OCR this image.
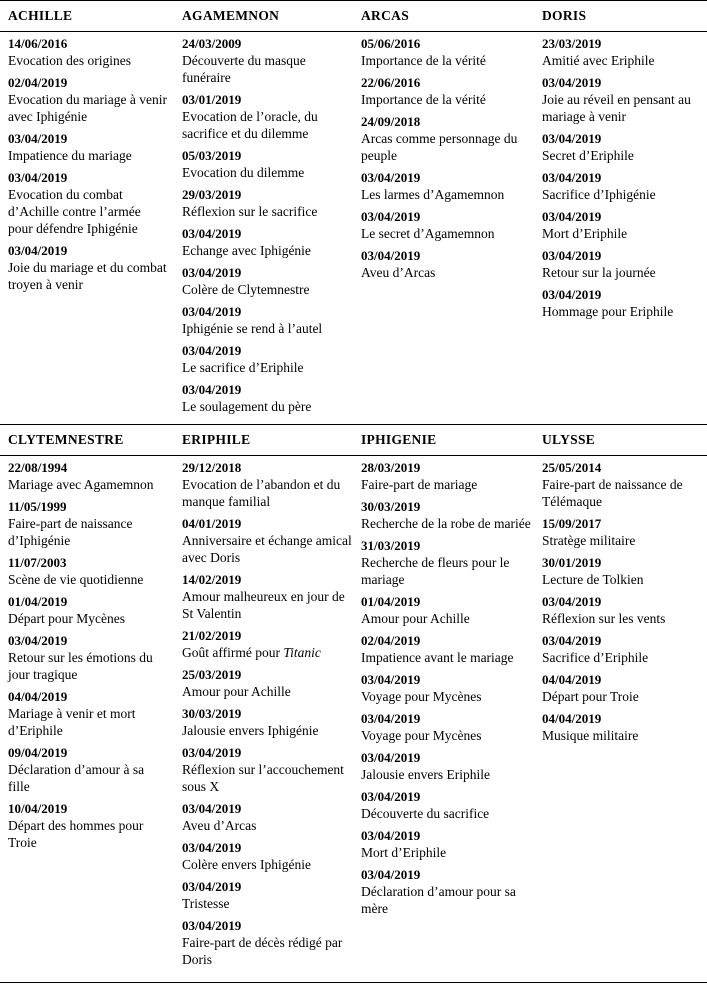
ACHILLE
14/06/2016
Evocation des origines
02/04/2019
Evocation du mariage à venir avec Iphigénie
03/04/2019
Impatience du mariage
03/04/2019
Evocation du combat d’Achille contre l’armée pour défendre Iphigénie
03/04/2019
Joie du mariage et du combat troyen à venir
AGAMEMNON
24/03/2009
Découverte du masque funéraire
03/01/2019
Evocation de l’oracle, du sacrifice et du dilemme
05/03/2019
Evocation du dilemme
29/03/2019
Réflexion sur le sacrifice
03/04/2019
Echange avec Iphigénie
03/04/2019
Colère de Clytemnestre
03/04/2019
Iphigénie se rend à l’autel
03/04/2019
Le sacrifice d’Eriphile
03/04/2019
Le soulagement du père
ARCAS
05/06/2016
Importance de la vérité
22/06/2016
Importance de la vérité
24/09/2018
Arcas comme personnage du peuple
03/04/2019
Les larmes d’Agamemnon
03/04/2019
Le secret d’Agamemnon
03/04/2019
Aveu d’Arcas
DORIS
23/03/2019
Amitié avec Eriphile
03/04/2019
Joie au réveil en pensant au mariage à venir
03/04/2019
Secret d’Eriphile
03/04/2019
Sacrifice d’Iphigénie
03/04/2019
Mort d’Eriphile
03/04/2019
Retour sur la journée
03/04/2019
Hommage pour Eriphile
CLYTEMNESTRE
22/08/1994
Mariage avec Agamemnon
11/05/1999
Faire-part de naissance d’Iphigénie
11/07/2003
Scène de vie quotidienne
01/04/2019
Départ pour Mycènes
03/04/2019
Retour sur les émotions du jour tragique
04/04/2019
Mariage à venir et mort d’Eriphile
09/04/2019
Déclaration d’amour à sa fille
10/04/2019
Départ des hommes pour Troie
ERIPHILE
29/12/2018
Evocation de l’abandon et du manque familial
04/01/2019
Anniversaire et échange amical avec Doris
14/02/2019
Amour malheureux en jour de St Valentin
21/02/2019
Goût affirmé pour Titanic
25/03/2019
Amour pour Achille
30/03/2019
Jalousie envers Iphigénie
03/04/2019
Réflexion sur l’accouchement sous X
03/04/2019
Aveu d’Arcas
03/04/2019
Colère envers Iphigénie
03/04/2019
Tristesse
03/04/2019
Faire-part de décès rédigé par Doris
IPHIGENIE
28/03/2019
Faire-part de mariage
30/03/2019
Recherche de la robe de mariée
31/03/2019
Recherche de fleurs pour le mariage
01/04/2019
Amour pour Achille
02/04/2019
Impatience avant le mariage
03/04/2019
Voyage pour Mycènes
03/04/2019
Voyage pour Mycènes
03/04/2019
Jalousie envers Eriphile
03/04/2019
Découverte du sacrifice
03/04/2019
Mort d’Eriphile
03/04/2019
Déclaration d’amour pour sa mère
ULYSSE
25/05/2014
Faire-part de naissance de Télémaque
15/09/2017
Stratège militaire
30/01/2019
Lecture de Tolkien
03/04/2019
Réflexion sur les vents
03/04/2019
Sacrifice d’Eriphile
04/04/2019
Départ pour Troie
04/04/2019
Musique militaire
